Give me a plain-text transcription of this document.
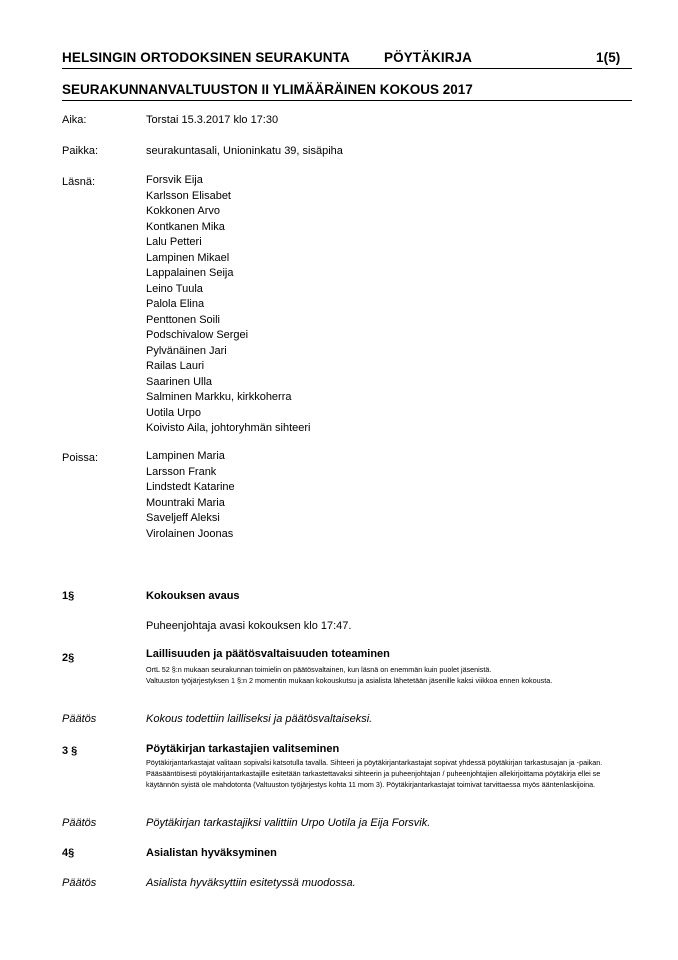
HELSINGIN ORTODOKSINEN SEURAKUNTA	PÖYTÄKIRJA	1(5)
SEURAKUNNANVALTUUSTON II YLIMÄÄRÄINEN KOKOUS 2017
Aika:	Torstai 15.3.2017 klo 17:30
Paikka:	seurakuntasali, Unioninkatu 39, sisäpiha
Läsnä:	Forsvik Eija
Karlsson Elisabet
Kokkonen Arvo
Kontkanen Mika
Lalu Petteri
Lampinen Mikael
Lappalainen Seija
Leino Tuula
Palola Elina
Penttonen Soili
Podschivalow Sergei
Pylvänäinen Jari
Railas Lauri
Saarinen Ulla
Salminen Markku, kirkkoherra
Uotila Urpo
Koivisto Aila, johtoryhmän sihteeri
Poissa:	Lampinen Maria
Larsson Frank
Lindstedt Katarine
Mountraki Maria
Saveljeff Aleksi
Virolainen Joonas
1§	Kokouksen avaus
Puheenjohtaja avasi kokouksen klo 17:47.
2§	Laillisuuden ja päätösvaltaisuuden toteaminen

OrtL 52 §:n mukaan seurakunnan toimielin on päätösvaltainen, kun läsnä on enemmän kuin puolet jäsenistä.

Valtuuston työjärjestyksen 1 §:n 2 momentin mukaan kokouskutsu ja asialista lähetetään jäsenille kaksi viikkoa ennen kokousta.

Päätös	Kokous todettiin lailliseksi ja päätösvaltaiseksi.
3 §	Pöytäkirjan tarkastajien valitseminen
Pöytäkirjantarkastajat valitaan sopivalsi katsotulla tavalla. Sihteeri ja pöytäkirjantarkastajat sopivat yhdessä pöytäkirjan tarkastusajan ja -paikan. Pääsääntöisesti pöytäkirjantarkastajille esitetään tarkastettavaksi sihteerin ja puheenjohtajan / puheenjohtajien allekirjoittama pöytäkirja ellei se käytännön syistä ole mahdotonta (Valtuuston työjärjestys kohta 11 mom 3). Pöytäkirjantarkastajat toimivat tarvittaessa myös ääntenlaskijoina.
Päätös	Pöytäkirjan tarkastajiksi valittiin Urpo Uotila ja Eija Forsvik.
4§	Asialistan hyväksyminen
Päätös	Asialista hyväksyttiin esitetyssä muodossa.
